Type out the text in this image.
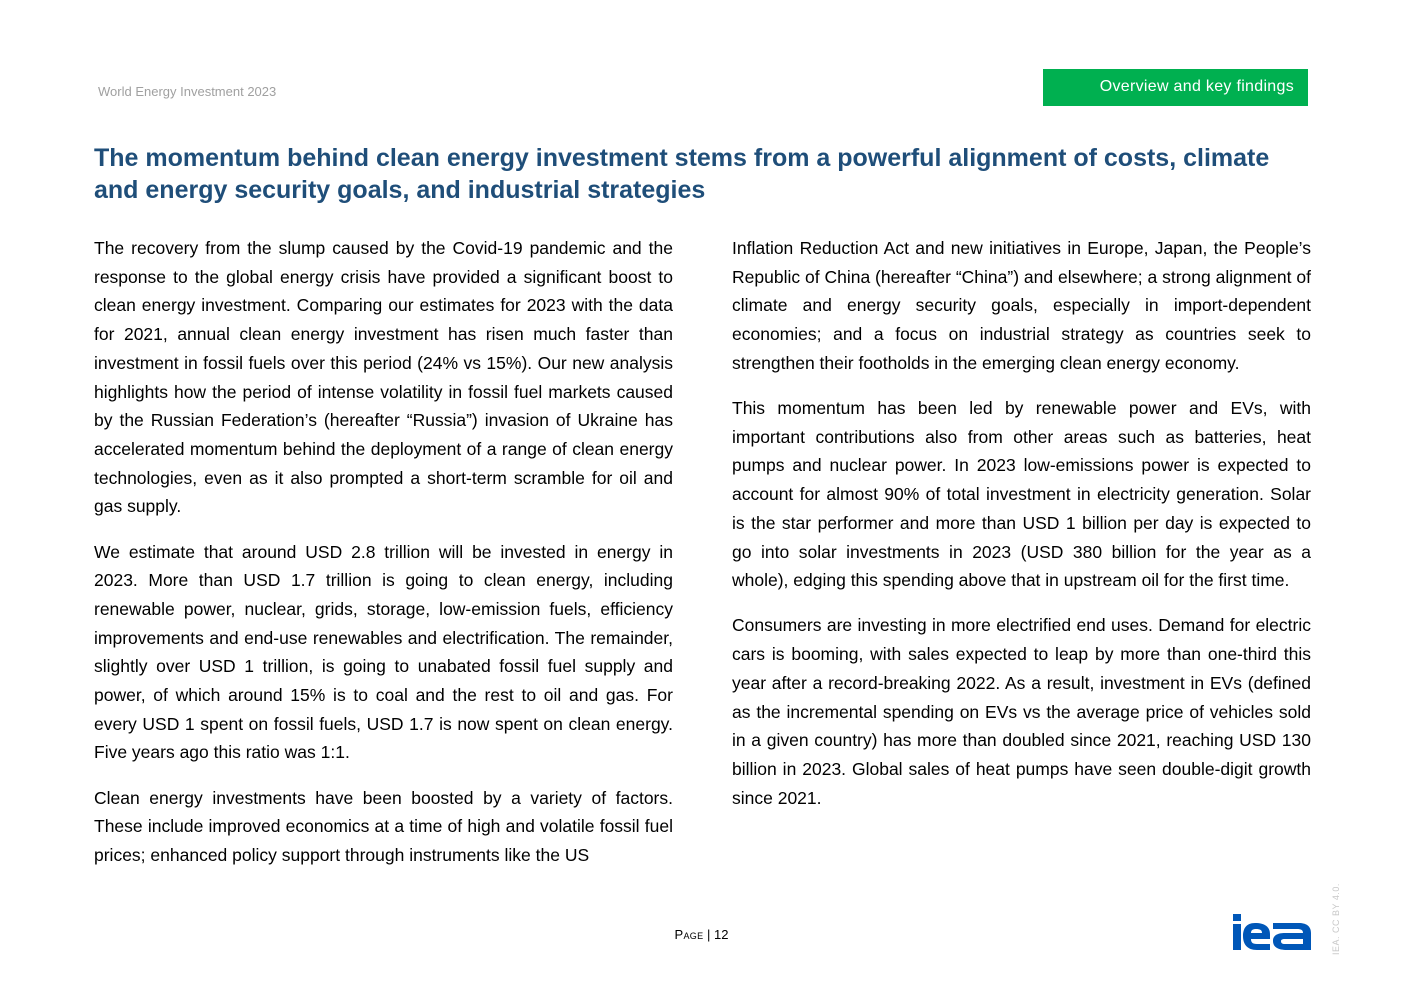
World Energy Investment 2023	Overview and key findings
The momentum behind clean energy investment stems from a powerful alignment of costs, climate and energy security goals, and industrial strategies

The recovery from the slump caused by the Covid-19 pandemic and the response to the global energy crisis have provided a significant boost to clean energy investment. Comparing our estimates for 2023 with the data for 2021, annual clean energy investment has risen much faster than investment in fossil fuels over this period (24% vs 15%). Our new analysis highlights how the period of intense volatility in fossil fuel markets caused by the Russian Federation’s (hereafter “Russia”) invasion of Ukraine has accelerated momentum behind the deployment of a range of clean energy technologies, even as it also prompted a short-term scramble for oil and gas supply.

We estimate that around USD 2.8 trillion will be invested in energy in 2023. More than USD 1.7 trillion is going to clean energy, including renewable power, nuclear, grids, storage, low-emission fuels, efficiency improvements and end-use renewables and electrification. The remainder, slightly over USD 1 trillion, is going to unabated fossil fuel supply and power, of which around 15% is to coal and the rest to oil and gas. For every USD 1 spent on fossil fuels, USD 1.7 is now spent on clean energy. Five years ago this ratio was 1:1.

Clean energy investments have been boosted by a variety of factors. These include improved economics at a time of high and volatile fossil fuel prices; enhanced policy support through instruments like the US

Inflation Reduction Act and new initiatives in Europe, Japan, the People’s Republic of China (hereafter “China”) and elsewhere; a strong alignment of climate and energy security goals, especially in import-dependent economies; and a focus on industrial strategy as countries seek to strengthen their footholds in the emerging clean energy economy.

This momentum has been led by renewable power and EVs, with important contributions also from other areas such as batteries, heat pumps and nuclear power. In 2023 low-emissions power is expected to account for almost 90% of total investment in electricity generation. Solar is the star performer and more than USD 1 billion per day is expected to go into solar investments in 2023 (USD 380 billion for the year as a whole), edging this spending above that in upstream oil for the first time.

Consumers are investing in more electrified end uses. Demand for electric cars is booming, with sales expected to leap by more than one-third this year after a record-breaking 2022. As a result, investment in EVs (defined as the incremental spending on EVs vs the average price of vehicles sold in a given country) has more than doubled since 2021, reaching USD 130 billion in 2023. Global sales of heat pumps have seen double-digit growth since 2021.

Page | 12	IEA. CC BY 4.0.
